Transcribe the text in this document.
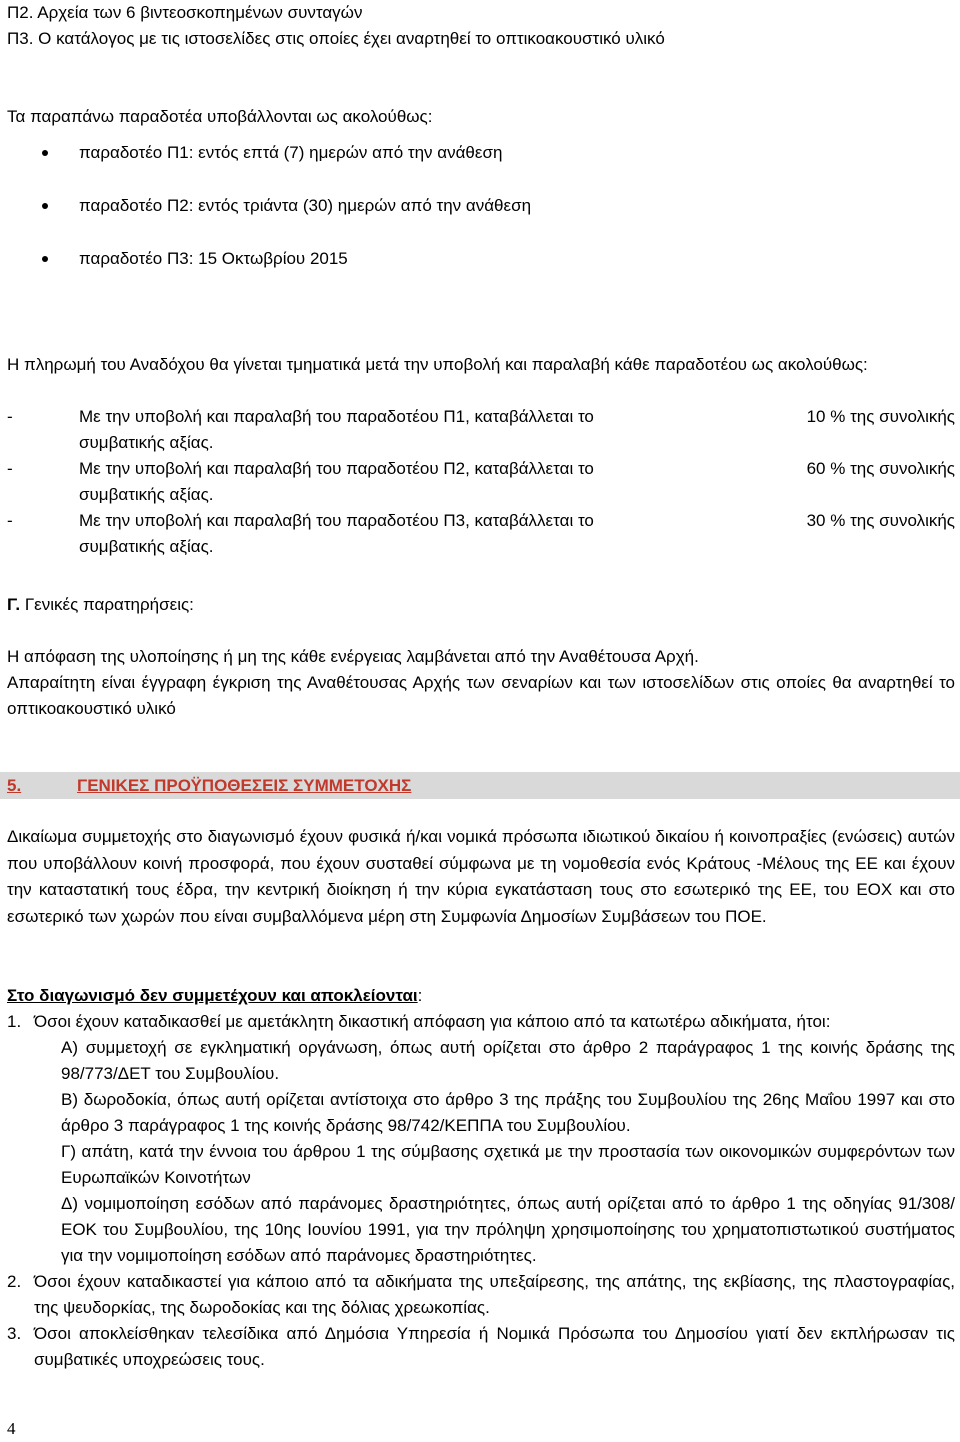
Π2. Αρχεία των 6 βιντεοσκοπημένων συνταγών

Π3. Ο κατάλογος με τις ιστοσελίδες στις οποίες έχει αναρτηθεί το οπτικοακουστικό υλικό

Τα παραπάνω παραδοτέα υποβάλλονται ως ακολούθως:

παραδοτέο Π1: εντός επτά (7) ημερών από την ανάθεση
παραδοτέο Π2: εντός τριάντα (30) ημερών από την ανάθεση
παραδοτέο Π3: 15 Οκτωβρίου 2015

Η πληρωμή του Αναδόχου θα γίνεται τμηματικά μετά την υποβολή και παραλαβή κάθε παραδοτέου ως ακολούθως:

-	Με την υποβολή και παραλαβή του παραδοτέου Π1, καταβάλλεται το	10 % της συνολικής
συμβατικής αξίας.
-	Με την υποβολή και παραλαβή του παραδοτέου Π2, καταβάλλεται το	60 % της συνολικής
συμβατικής αξίας.
-	Με την υποβολή και παραλαβή του παραδοτέου Π3, καταβάλλεται το	30 % της συνολικής
συμβατικής αξίας.

Γ. Γενικές παρατηρήσεις:

Η απόφαση της υλοποίησης ή μη της κάθε ενέργειας λαμβάνεται από την Αναθέτουσα Αρχή.

Απαραίτητη είναι έγγραφη έγκριση της Αναθέτουσας Αρχής των σεναρίων και των ιστοσελίδων στις οποίες θα αναρτηθεί το οπτικοακουστικό υλικό

5.	ΓΕΝΙΚΕΣ ΠΡΟΫΠΟΘΕΣΕΙΣ ΣΥΜΜΕΤΟΧΗΣ

Δικαίωμα συμμετοχής στο διαγωνισμό έχουν φυσικά ή/και νομικά πρόσωπα ιδιωτικού δικαίου ή κοινοπραξίες (ενώσεις) αυτών που υποβάλλουν κοινή προσφορά, που έχουν συσταθεί σύμφωνα με τη νομοθεσία ενός Κράτους -Μέλους της ΕΕ και έχουν την καταστατική τους έδρα, την κεντρική διοίκηση ή την κύρια εγκατάσταση τους στο εσωτερικό της ΕΕ, του ΕΟΧ και στο εσωτερικό των χωρών που είναι συμβαλλόμενα μέρη στη Συμφωνία Δημοσίων Συμβάσεων του ΠΟΕ.

Στο διαγωνισμό δεν συμμετέχουν και αποκλείονται:

1. Όσοι έχουν καταδικασθεί με αμετάκλητη δικαστική απόφαση για κάποιο από τα κατωτέρω αδικήματα, ήτοι:

Α) συμμετοχή σε εγκληματική οργάνωση, όπως αυτή ορίζεται στο άρθρο 2 παράγραφος 1 της κοινής δράσης της 98/773/ΔΕΤ του Συμβουλίου.

Β) δωροδοκία, όπως αυτή ορίζεται αντίστοιχα στο άρθρο 3 της πράξης του Συμβουλίου της 26ης Μαΐου 1997 και στο άρθρο 3 παράγραφος 1 της κοινής δράσης 98/742/ΚΕΠΠΑ του Συμβουλίου.

Γ) απάτη, κατά την έννοια του άρθρου 1 της σύμβασης σχετικά με την προστασία των οικονομικών συμφερόντων των Ευρωπαϊκών Κοινοτήτων

Δ) νομιμοποίηση εσόδων από παράνομες δραστηριότητες, όπως αυτή ορίζεται από το άρθρο 1 της οδηγίας 91/308/ΕΟΚ του Συμβουλίου, της 10ης Ιουνίου 1991, για την πρόληψη χρησιμοποίησης του χρηματοπιστωτικού συστήματος για την νομιμοποίηση εσόδων από παράνομες δραστηριότητες.

2. Όσοι έχουν καταδικαστεί για κάποιο από τα αδικήματα της υπεξαίρεσης, της απάτης, της εκβίασης, της πλαστογραφίας, της ψευδορκίας, της δωροδοκίας και της δόλιας χρεωκοπίας.

3. Όσοι αποκλείσθηκαν τελεσίδικα από Δημόσια Υπηρεσία ή Νομικά Πρόσωπα του Δημοσίου γιατί δεν εκπλήρωσαν τις συμβατικές υποχρεώσεις τους.

4
